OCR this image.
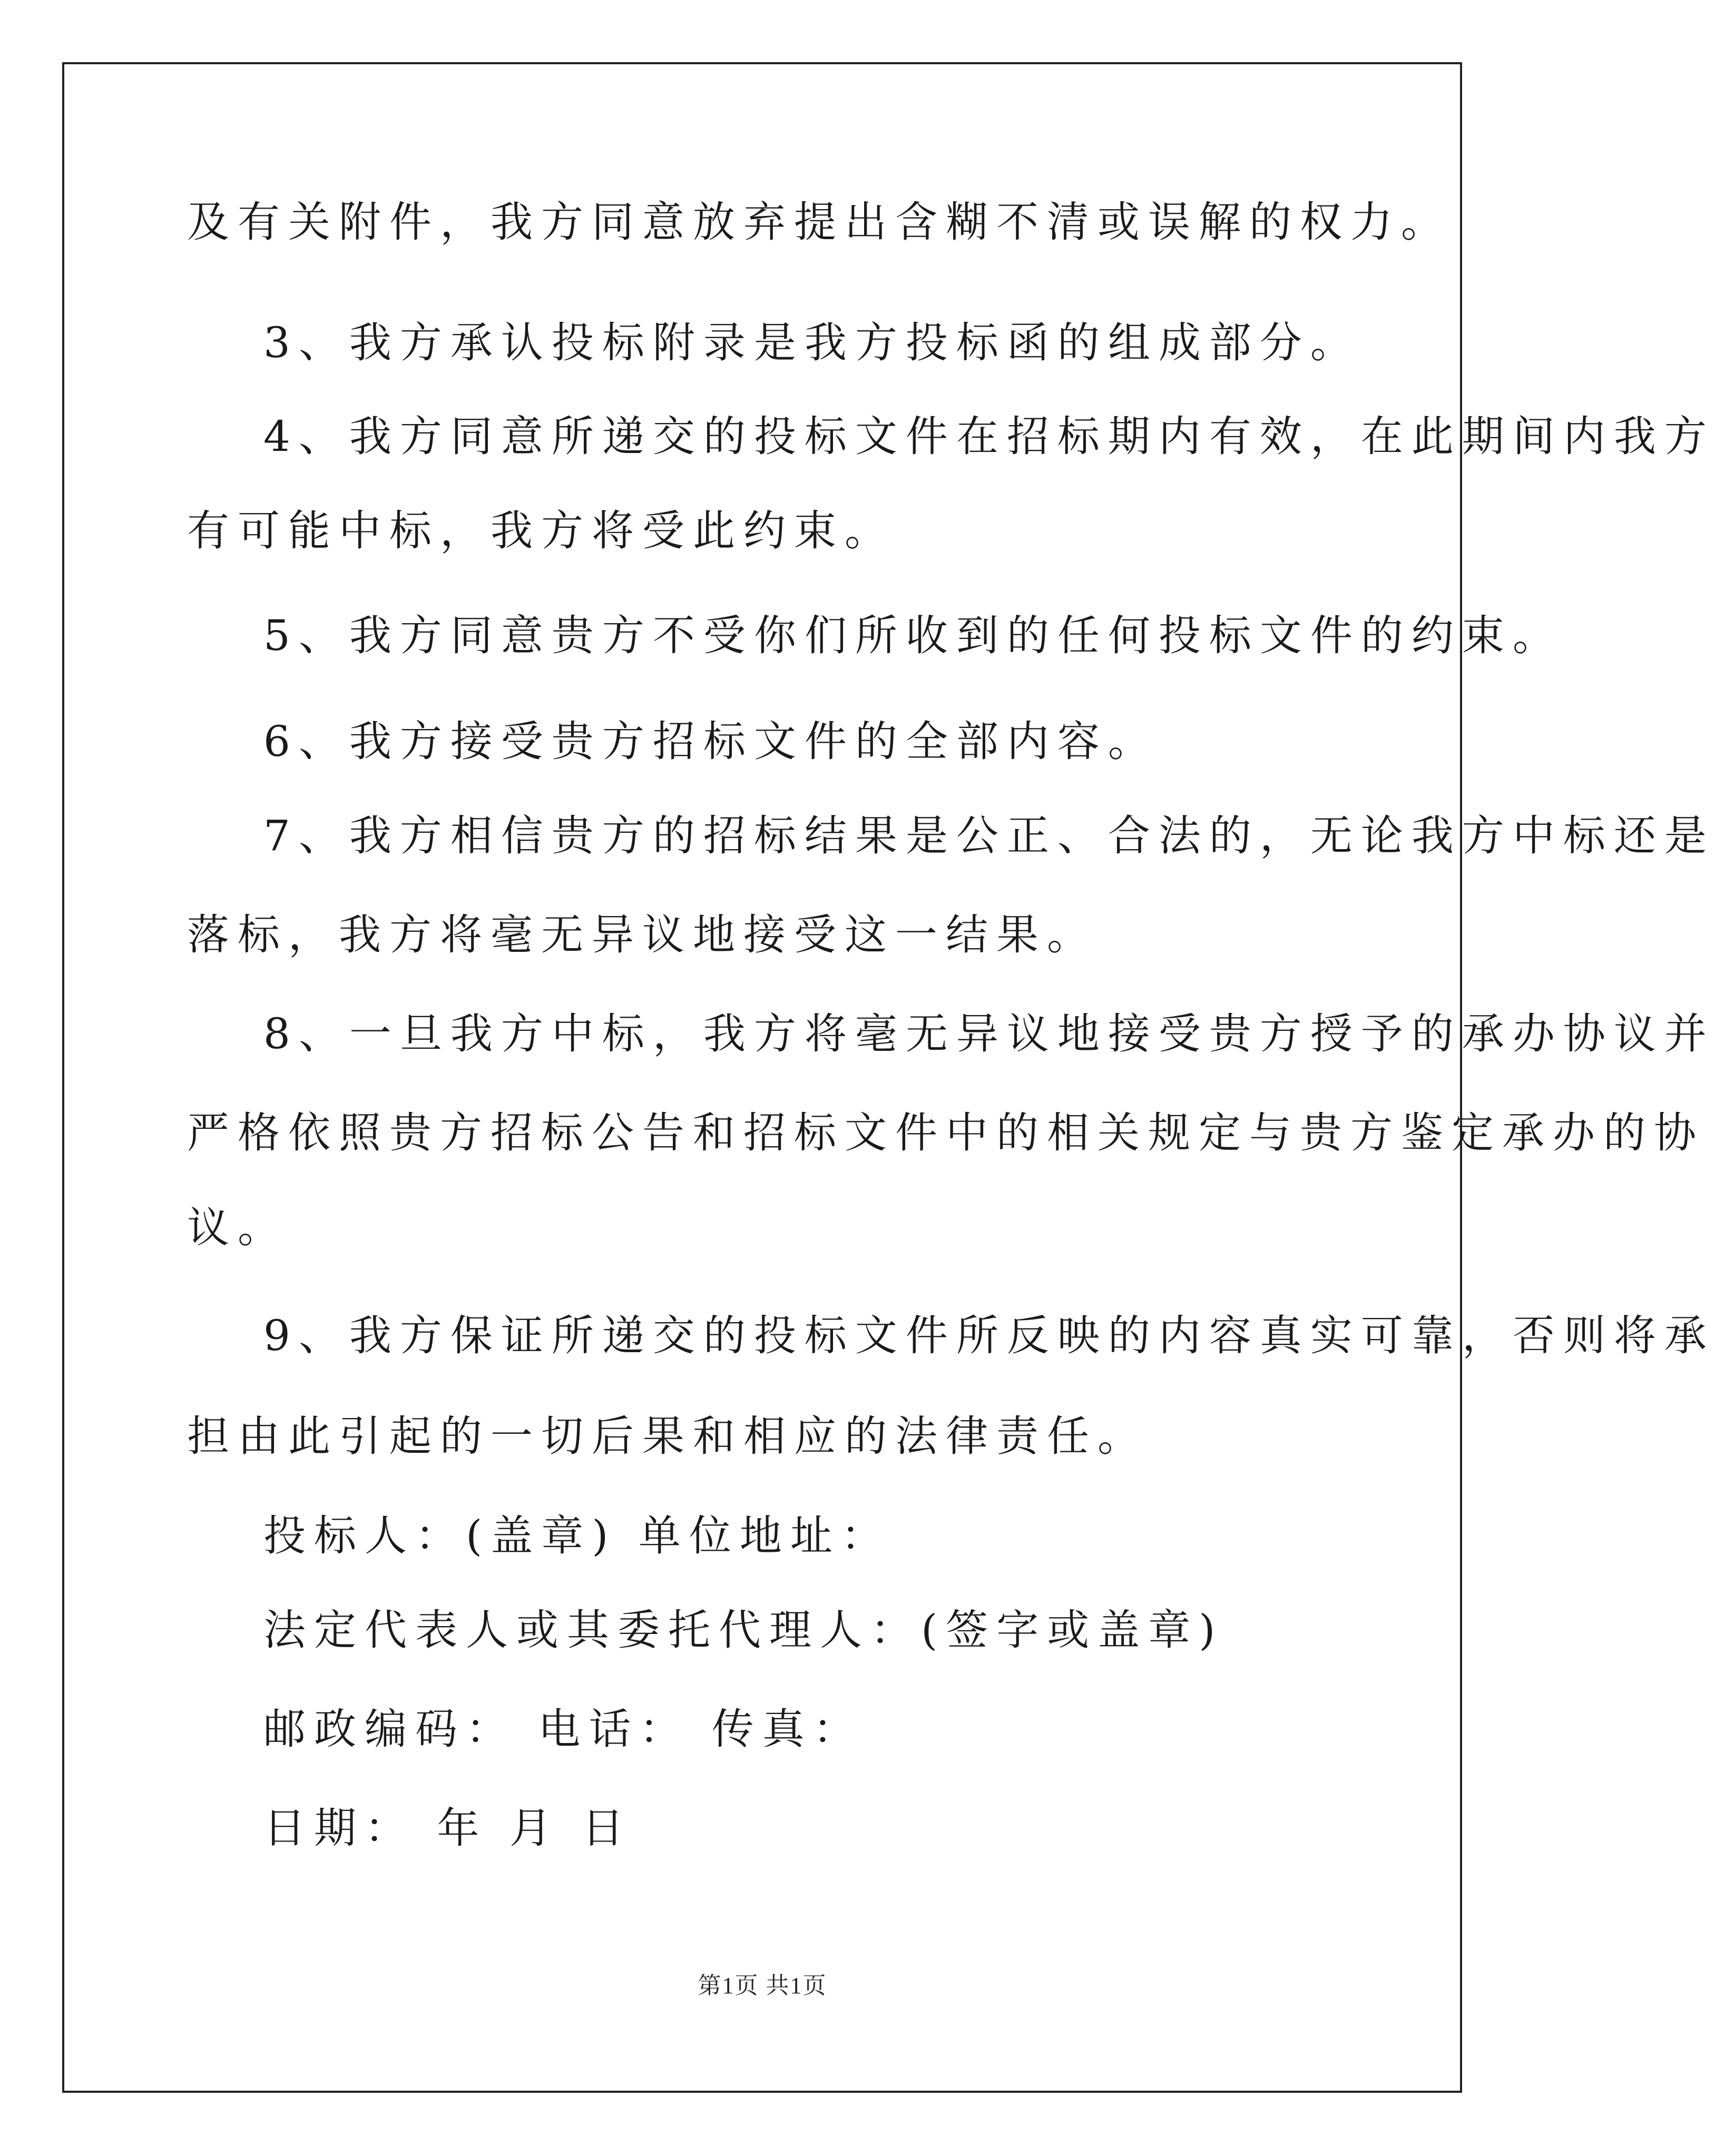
及有关附件，我方同意放弃提出含糊不清或误解的权力。
3、我方承认投标附录是我方投标函的组成部分。
4、我方同意所递交的投标文件在招标期内有效，在此期间内我方
有可能中标，我方将受此约束。
5、我方同意贵方不受你们所收到的任何投标文件的约束。
6、我方接受贵方招标文件的全部内容。
7、我方相信贵方的招标结果是公正、合法的，无论我方中标还是
落标，我方将毫无异议地接受这一结果。
8、一旦我方中标，我方将毫无异议地接受贵方授予的承办协议并
严格依照贵方招标公告和招标文件中的相关规定与贵方鉴定承办的协
议。
9、我方保证所递交的投标文件所反映的内容真实可靠，否则将承
担由此引起的一切后果和相应的法律责任。
投标人：(盖章) 单位地址：
法定代表人或其委托代理人：(签字或盖章)
邮政编码： 电话： 传真：
日期： 年 月 日
第1页 共1页
